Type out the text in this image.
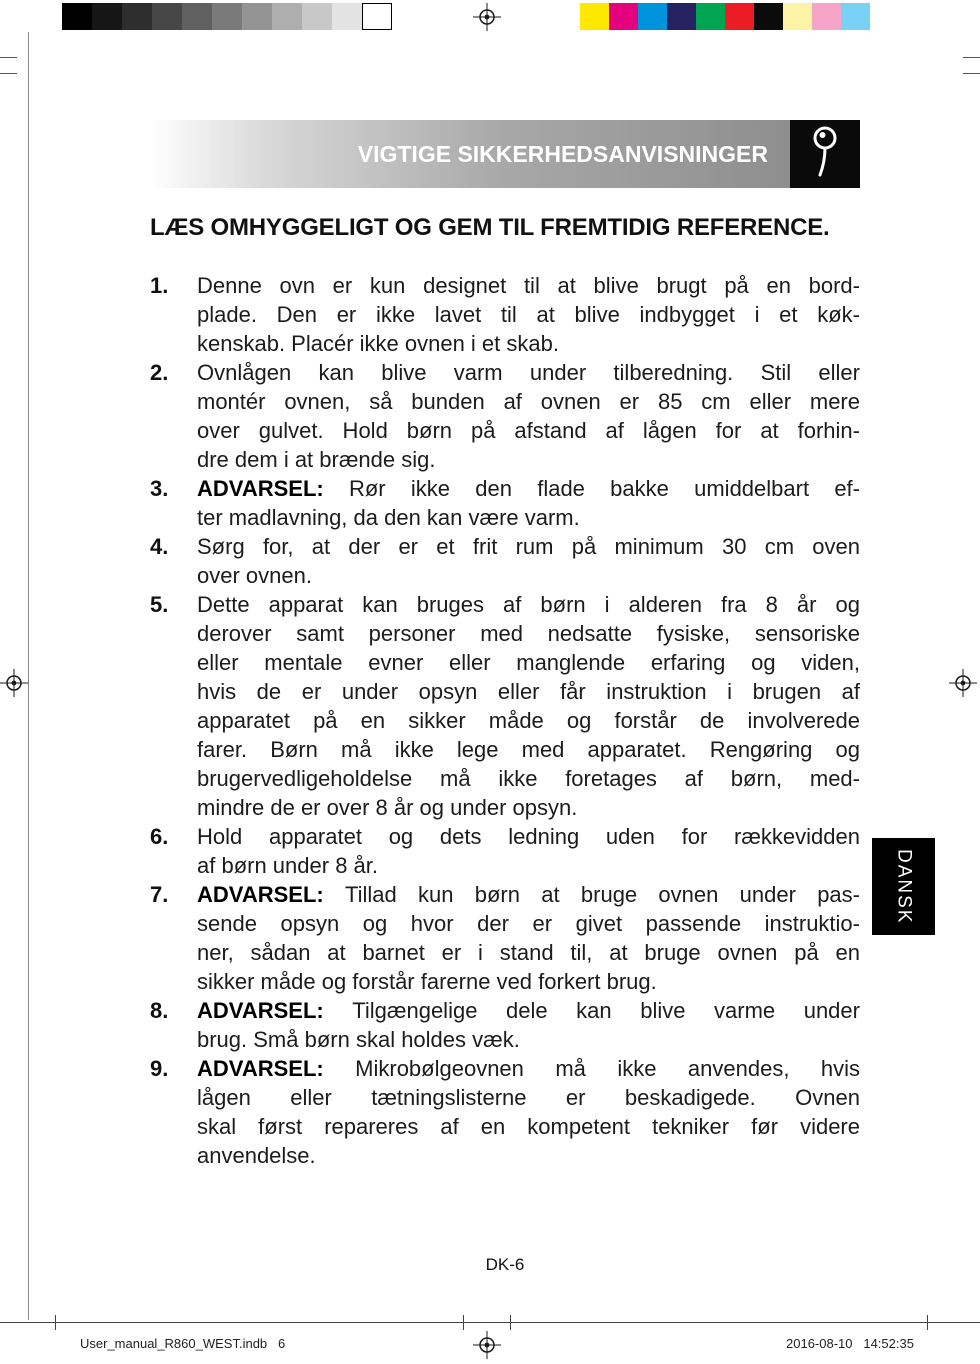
VIGTIGE SIKKERHEDSANVISNINGER
LÆS OMHYGGELIGT OG GEM TIL FREMTIDIG REFERENCE.
1.	Denne ovn er kun designet til at blive brugt på en bord-
plade. Den er ikke lavet til at blive indbygget i et køk-
kenskab. Placér ikke ovnen i et skab.
2.	Ovnlågen kan blive varm under tilberedning. Stil eller
montér ovnen, så bunden af ovnen er 85 cm eller mere
over gulvet. Hold børn på afstand af lågen for at forhin-
dre dem i at brænde sig.
3.	ADVARSEL: Rør ikke den flade bakke umiddelbart ef-
ter madlavning, da den kan være varm.
4.	Sørg for, at der er et frit rum på minimum 30 cm oven
over ovnen.
5.	Dette apparat kan bruges af børn i alderen fra 8 år og
derover samt personer med nedsatte fysiske, sensoriske
eller mentale evner eller manglende erfaring og viden,
hvis de er under opsyn eller får instruktion i brugen af
apparatet på en sikker måde og forstår de involverede
farer. Børn må ikke lege med apparatet. Rengøring og
brugervedligeholdelse må ikke foretages af børn, med-
mindre de er over 8 år og under opsyn.
6.	Hold apparatet og dets ledning uden for rækkevidden
af børn under 8 år.
7.	ADVARSEL: Tillad kun børn at bruge ovnen under pas-
sende opsyn og hvor der er givet passende instruktio-
ner, sådan at barnet er i stand til, at bruge ovnen på en
sikker måde og forstår farerne ved forkert brug.
8.	ADVARSEL: Tilgængelige dele kan blive varme under
brug. Små børn skal holdes væk.
9.	ADVARSEL: Mikrobølgeovnen må ikke anvendes, hvis
lågen eller tætningslisterne er beskadigede. Ovnen
skal først repareres af en kompetent tekniker før videre
anvendelse.
DANSK
DK-6
User_manual_R860_WEST.indb   6	2016-08-10   14:52:35
